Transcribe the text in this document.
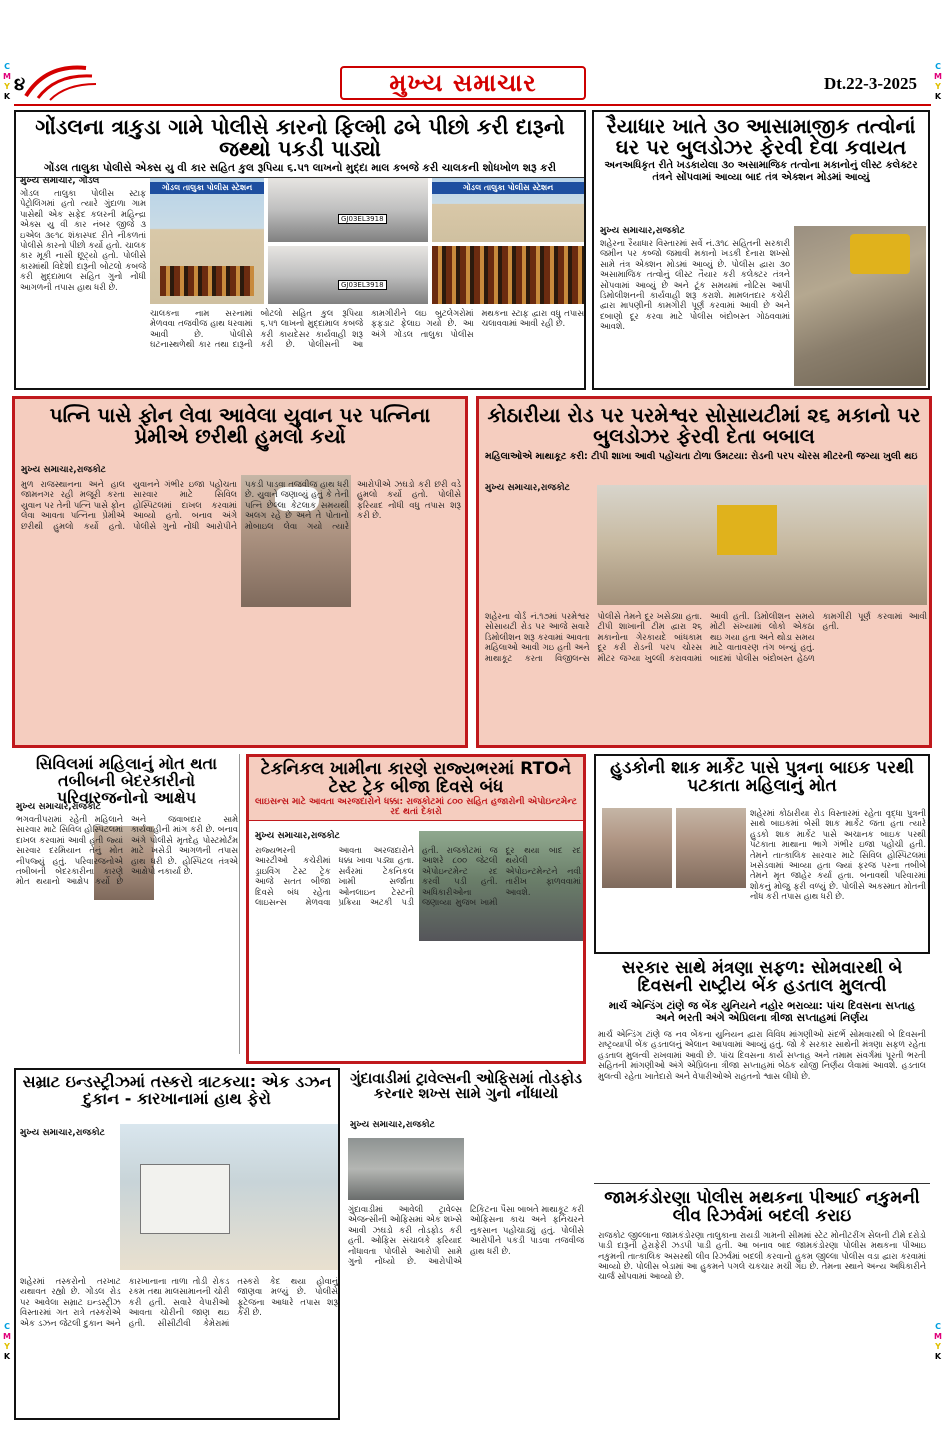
C
M
Y
K
C
M
Y
K
C
M
Y
K
C
M
Y
K
૪	મુખ્ય સમાચાર	Dt.22-3-2025
ગોંડલના ત્રાકુડા ગામે પોલીસે કારનો ફિલ્મી ઢબે પીછો કરી દારૂનો જથ્થો પકડી પાડ્યો
ગોંડલ તાલુકા પોલીસે એક્સ યુ વી કાર સહિત કુલ રૂપિયા ૬.૫૧ લાખનો મુદ્દા માલ કબજે કરી ચાલકની શોધખોળ શરૂ કરી
મુખ્ય સમાચાર, ગોંડલ
ગોંડલ તાલુકા પોલીસ સ્ટાફ પેટ્રોલિંગમાં હતો ત્યારે ગુંદાળા ગામ પાસેથી એક સફેદ કલરની મહિન્દ્રા એક્સ યુ વી કાર નંબર જીજે ૩ ઇએલ ૩૯૧૮ શંકાસ્પદ રીતે નીકળતાં પોલીસે કારનો પીછો કર્યો હતો. ચાલક કાર મૂકી નાસી છૂટ્યો હતો. પોલીસે કારમાંથી વિદેશી દારૂની બોટલો કબજે કરી મુદ્દામાલ સહિત ગુનો નોંધી આગળની તપાસ હાથ ધરી છે.
ગોંડલ તાલુકા પોલીસ સ્ટેશન
GJ03EL3918
ગોંડલ તાલુકા પોલીસ સ્ટેશન
GJ03EL3918
ચાલકના નામ સરનામાં મેળવવા તજવીજ હાથ ધરવામાં આવી છે. પોલીસે ઘટનાસ્થળેથી કાર તથા દારૂની બોટલો સહિત કુલ રૂપિયા ૬.૫૧ લાખનો મુદ્દામાલ કબજે કરી કાયદેસર કાર્યવાહી શરૂ કરી છે. પોલીસની આ કામગીરીને લઇ બુટલેગરોમાં ફફડાટ ફેલાઇ ગયો છે. આ અંગે ગોંડલ તાલુકા પોલીસ મથકના સ્ટાફ દ્વારા વધુ તપાસ ચલાવવામાં આવી રહી છે.
રૈયાધાર ખાતે ૩૦ આસામાજીક તત્વોનાં ઘર પર બુલડોઝર ફેરવી દેવા કવાયત
અનઅધિકૃત રીતે ખડકાયેલા ૩૦ અસામાજિક તત્વોના મકાનોનું લીસ્ટ કલેક્ટર તંત્રને સોંપવામાં આવ્યા બાદ તંત્ર એક્શન મોડમાં આવ્યું
મુખ્ય સમાચાર,રાજકોટ
શહેરના રૈયાધાર વિસ્તારમાં સર્વે નં.૩૧૮ સહિતની સરકારી જમીન પર કબ્જો જમાવી મકાનો ખડકી દેનારા શખ્સો સામે તંત્ર એક્શન મોડમાં આવ્યું છે. પોલીસ દ્વારા ૩૦ અસામાજિક તત્વોનું લીસ્ટ તૈયાર કરી કલેક્ટર તંત્રને સોંપવામાં આવ્યું છે અને ટૂંક સમયમાં નોટિસ આપી ડિમોલીશનની કાર્યવાહી શરૂ કરાશે. મામલતદાર કચેરી દ્વારા માપણીની કામગીરી પૂર્ણ કરવામાં આવી છે અને દબાણો દૂર કરવા માટે પોલીસ બંદોબસ્ત ગોઠવવામાં આવશે.
પત્નિ પાસે ફોન લેવા આવેલા યુવાન પર પત્નિના પ્રેમીએ છરીથી હુમલો કર્યો
મુખ્ય સમાચાર,રાજકોટ
મુળ રાજસ્થાનના અને હાલ જામનગર રહી મજૂરી કરતા યુવાન પર તેની પત્નિ પાસે ફોન લેવા આવતા પત્નિના પ્રેમીએ છરીથી હુમલો કર્યો હતો. યુવાનને ગંભીર ઇજા પહોંચતા સારવાર માટે સિવિલ હોસ્પિટલમાં દાખલ કરવામાં આવ્યો હતો. બનાવ અંગે પોલીસે ગુનો નોંધી આરોપીને પકડી પાડવા તજવીજ હાથ ધરી છે. યુવાને જણાવ્યું હતું કે તેની પત્નિ છેલ્લા કેટલાક સમયથી અલગ રહે છે અને તે પોતાનો મોબાઇલ લેવા ગયો ત્યારે આરોપીએ ઝઘડો કરી છરી વડે હુમલો કર્યો હતો. પોલીસે ફરિયાદ નોંધી વધુ તપાસ શરૂ કરી છે.
કોઠારીયા રોડ પર પરમેશ્વર સોસાયટીમાં ૨૬ મકાનો પર બુલડોઝર ફેરવી દેતા બબાલ
મહિલાઓએ માથાકૂટ કરી: ટીપી શાખા આવી પહોંચતા ટોળા ઉમટયા: રોડની પરપ ચોરસ મીટરની જગ્યા ખુલી થઇ
મુખ્ય સમાચાર,રાજકોટ
શહેરના વોર્ડ નં.૧૭માં પરમેશ્વર સોસાયટી રોડ પર આજે સવારે ડિમોલીશન શરૂ કરવામાં આવતા મહિલાઓ આવી ગઇ હતી અને માથાકૂટ કરતા વિજીલન્સ પોલીસે તેમને દૂર ખસેડ્યા હતા. ટીપી શાખાની ટીમ દ્વારા ૨૬ મકાનોના ગેરકાયદે બાંધકામ દૂર કરી રોડની પરપ ચોરસ મીટર જગ્યા ખુલ્લી કરાવવામાં આવી હતી. ડિમોલીશન સમયે મોટી સંખ્યામાં લોકો એકઠા થઇ ગયા હતા અને થોડા સમય માટે વાતાવરણ તંગ બન્યું હતું. બાદમાં પોલીસ બંદોબસ્ત હેઠળ કામગીરી પૂર્ણ કરવામાં આવી હતી.
સિવિલમાં મહિલાનું મોત થતા તબીબની બેદરકારીનો પરિવારજનોનો આક્ષેપ
મુખ્ય સમાચાર,રાજકોટ
ભગવતીપરામાં રહેતી મહિલાને સારવાર માટે સિવિલ હોસ્પિટલમાં દાખલ કરવામાં આવી હતી જ્યાં સારવાર દરમિયાન તેનું મોત નીપજ્યું હતું. પરિવારજનોએ તબીબની બેદરકારીના કારણે મોત થયાનો આક્ષેપ કર્યો છે અને જવાબદાર સામે કાર્યવાહીની માંગ કરી છે. બનાવ અંગે પોલીસે મૃતદેહ પોસ્ટમોર્ટમ માટે ખસેડી આગળની તપાસ હાથ ધરી છે. હોસ્પિટલ તંત્રએ આક્ષેપો નકાર્યા છે.
ટેકનિકલ ખામીના કારણે રાજ્યભરમાં RTOને ટેસ્ટ ટ્રેક બીજા દિવસે બંધ
લાઇસન્સ માટે આવતા અરજદારોને ધક્કા: રાજકોટમાં ૮૦૦ સહિત હજારોની એપોઇન્ટમેન્ટ રદ થતાં દેકારો
મુખ્ય સમાચાર,રાજકોટ
રાજ્યભરની આરટીઓ કચેરીમાં ડ્રાઇવિંગ ટેસ્ટ ટ્રેક આજે સતત બીજા દિવસે બંધ રહેતા લાઇસન્સ મેળવવા આવતા અરજદારોને ધક્કા ખાવા પડ્યા હતા. સર્વરમાં ટેકનિકલ ખામી સર્જાતા ઓનલાઇન ટેસ્ટની પ્રક્રિયા અટકી પડી હતી. રાજકોટમાં જ આશરે ૮૦૦ જેટલી એપોઇન્ટમેન્ટ રદ કરવી પડી હતી. અધિકારીઓના જણાવ્યા મુજબ ખામી દૂર થયા બાદ રદ થયેલી એપોઇન્ટમેન્ટને નવી તારીખ ફાળવવામાં આવશે.
હુડકોની શાક માર્કેટ પાસે પુત્રના બાઇક પરથી પટકાતા મહિલાનું મોત
શહેરમાં કોઠારીયા રોડ વિસ્તારમાં રહેતા વૃદ્ધા પુત્રની સાથે બાઇકમાં બેસી શાક માર્કેટ જતા હતા ત્યારે હુડકો શાક માર્કેટ પાસે અચાનક બાઇક પરથી પટકાતા માથાના ભાગે ગંભીર ઇજા પહોંચી હતી. તેમને તાત્કાલિક સારવાર માટે સિવિલ હોસ્પિટલમાં ખસેડવામાં આવ્યા હતા જ્યાં ફરજ પરના તબીબે તેમને મૃત જાહેર કર્યા હતા. બનાવથી પરિવારમાં શોકનું મોજુ ફરી વળ્યું છે. પોલીસે અકસ્માત મોતની નોંધ કરી તપાસ હાથ ધરી છે.
સરકાર સાથે મંત્રણા સફળ: સોમવારથી બે દિવસની રાષ્ટ્રીય બેંક હડતાલ મુલત્વી
માર્ચ એન્ડિંગ ટાંણે જ બેંક યુનિયને નહોર ભરાવ્યા: પાંચ દિવસના સપ્તાહ અને ભરતી અંગે એપ્રિલના ત્રીજા સપ્તાહમાં નિર્ણય
માર્ચ એન્ડિંગ ટાંણે જ નવ બેંકના યુનિયન દ્વારા વિવિધ માંગણીઓ સંદર્ભે સોમવારથી બે દિવસની રાષ્ટ્રવ્યાપી બેંક હડતાલનું એલાન આપવામાં આવ્યું હતું. જો કે સરકાર સાથેની મંત્રણા સફળ રહેતા હડતાલ મુલત્વી રાખવામાં આવી છે. પાંચ દિવસના કાર્ય સપ્તાહ અને તમામ સંવર્ગમાં પૂરતી ભરતી સહિતની માંગણીઓ અંગે એપ્રિલના ત્રીજા સપ્તાહમાં બેઠક યોજી નિર્ણય લેવામાં આવશે. હડતાલ મુલત્વી રહેતા ખાતેદારો અને વેપારીઓએ રાહતનો શ્વાસ લીધો છે.
જામકંડોરણા પોલીસ મથકના પીઆઈ નકુમની લીવ રિઝર્વમાં બદલી કરાઇ
રાજકોટ જીલ્લાના જામકંડોરણા તાલુકાના રાયડી ગામની સીમમાં સ્ટેટ મોનીટરીંગ સેલની ટીમે દરોડો પાડી દારૂની હેરાફેરી ઝડપી પાડી હતી. આ બનાવ બાદ જામકંડોરણા પોલીસ મથકના પીઆઇ નકુમની તાત્કાલિક અસરથી લીવ રિઝર્વમાં બદલી કરવાનો હુકમ જીલ્લા પોલીસ વડા દ્વારા કરવામાં આવ્યો છે. પોલીસ બેડામાં આ હુકમને પગલે ચકચાર મચી ગઇ છે. તેમના સ્થાને અન્ય અધિકારીને ચાર્જ સોંપવામાં આવ્યો છે.
સમ્રાટ ઇન્ડસ્ટ્રીઝમાં તસ્કરો ત્રાટકયા: એક ડઝન દુકાન - કારખાનામાં હાથ ફેરો
મુખ્ય સમાચાર,રાજકોટ
શહેરમાં તસ્કરોનો તરખાટ યથાવત રહ્યો છે. ગોંડલ રોડ પર આવેલા સમ્રાટ ઇન્ડસ્ટ્રીઝ વિસ્તારમાં ગત રાત્રે તસ્કરોએ એક ડઝન જેટલી દુકાન અને કારખાનાના તાળા તોડી રોકડ રકમ તથા માલસામાનની ચોરી કરી હતી. સવારે વેપારીઓ આવતા ચોરીની જાણ થઇ હતી. સીસીટીવી કેમેરામાં તસ્કરો કેદ થયા હોવાનું જાણવા મળ્યું છે. પોલીસે ફૂટેજના આધારે તપાસ શરૂ કરી છે.
ગુંદાવાડીમાં ટ્રાવેલ્સની ઓફિસમાં તોડફોડ કરનાર શખ્સ સામે ગુનો નોંધાયો
મુખ્ય સમાચાર,રાજકોટ
ગુંદાવાડીમાં આવેલી ટ્રાવેલ્સ એજન્સીની ઓફિસમાં એક શખ્સે આવી ઝઘડો કરી તોડફોડ કરી હતી. ઓફિસ સંચાલકે ફરિયાદ નોંધાવતા પોલીસે આરોપી સામે ગુનો નોંધ્યો છે. આરોપીએ ટિકિટના પૈસા બાબતે માથાકૂટ કરી ઓફિસના કાચ અને ફર્નિચરને નુકસાન પહોંચાડ્યું હતું. પોલીસે આરોપીને પકડી પાડવા તજવીજ હાથ ધરી છે.
